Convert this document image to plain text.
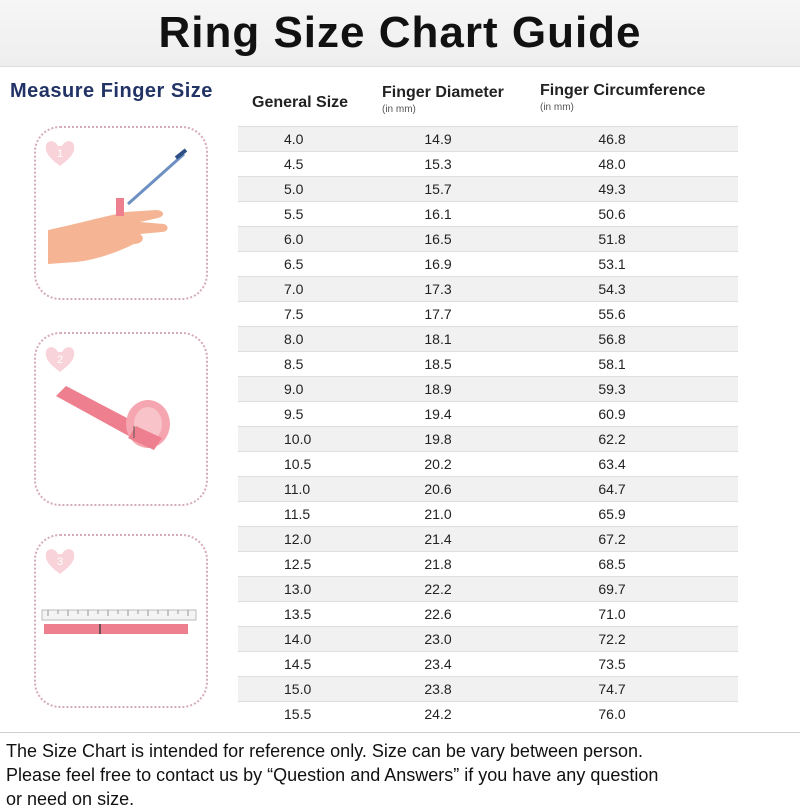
Ring Size Chart Guide
Measure Finger Size
1
2
3
General Size
Finger Diameter
(in mm)
Finger Circumference
(in mm)
4.0	14.9	46.8
4.5	15.3	48.0
5.0	15.7	49.3
5.5	16.1	50.6
6.0	16.5	51.8
6.5	16.9	53.1
7.0	17.3	54.3
7.5	17.7	55.6
8.0	18.1	56.8
8.5	18.5	58.1
9.0	18.9	59.3
9.5	19.4	60.9
10.0	19.8	62.2
10.5	20.2	63.4
11.0	20.6	64.7
11.5	21.0	65.9
12.0	21.4	67.2
12.5	21.8	68.5
13.0	22.2	69.7
13.5	22.6	71.0
14.0	23.0	72.2
14.5	23.4	73.5
15.0	23.8	74.7
15.5	24.2	76.0

The Size Chart is intended for reference only. Size can be vary between person.

Please feel free to contact us by “Question and Answers” if you have any question

or need on size.
